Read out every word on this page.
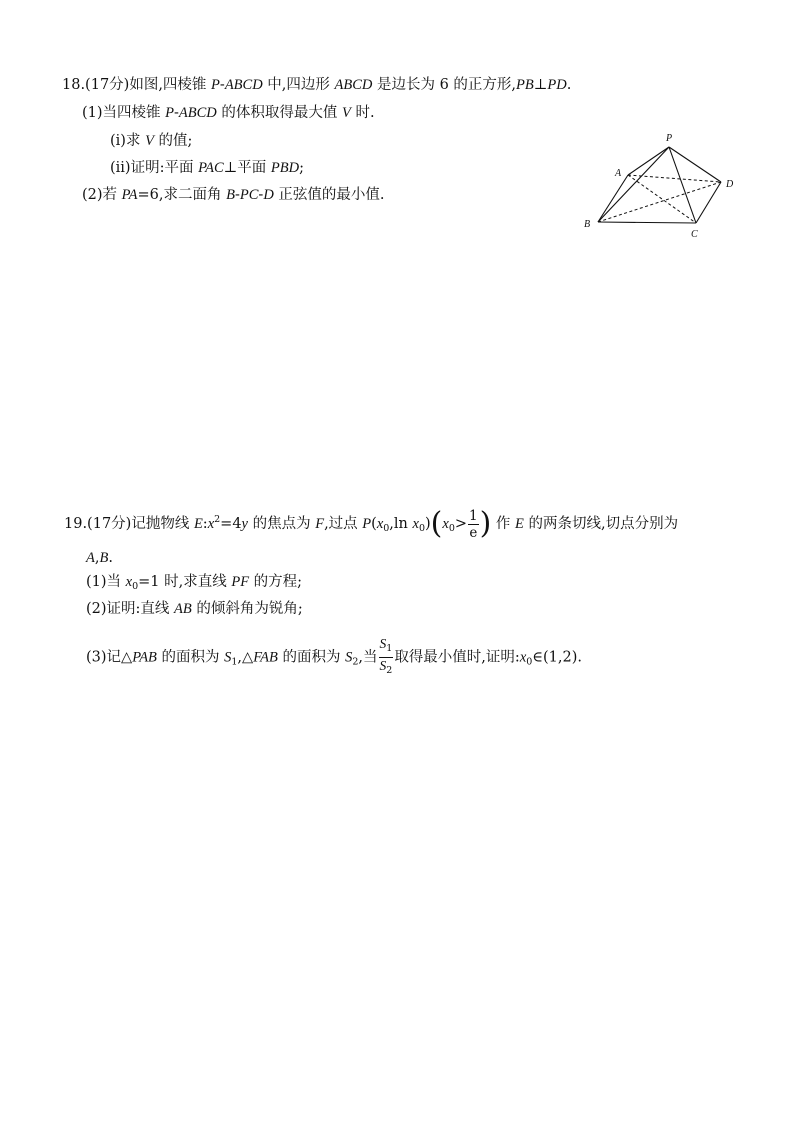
18.(17分)如图,四棱锥 P-ABCD 中,四边形 ABCD 是边长为 6 的正方形,PB⊥PD.
(1)当四棱锥 P-ABCD 的体积取得最大值 V 时.
(ⅰ)求 V 的值;
(ⅱ)证明:平面 PAC⊥平面 PBD;
(2)若 PA=6,求二面角 B-PC-D 正弦值的最小值.
P
A
D
B
C
19.(17分)记抛物线 $E:x^2=4y$ 的焦点为 F,过点 $P(x_0,\ln$ $x_0)(x_0> \frac{1}{e}$ ) 作 E 的两条切线,切点分别为
A,B.
(1)当 $x_0=1$ 时,求直线 PF 的方程;
(2)证明:直线 AB 的倾斜角为锐角;
(3)记△PAB 的面积为 $S_1,\triangle FAB$ 的面积为 $S_2$,当 $\frac{S_1}{S_2}$ 取得最小值时,证明$:x_0\in(1,2)$.
